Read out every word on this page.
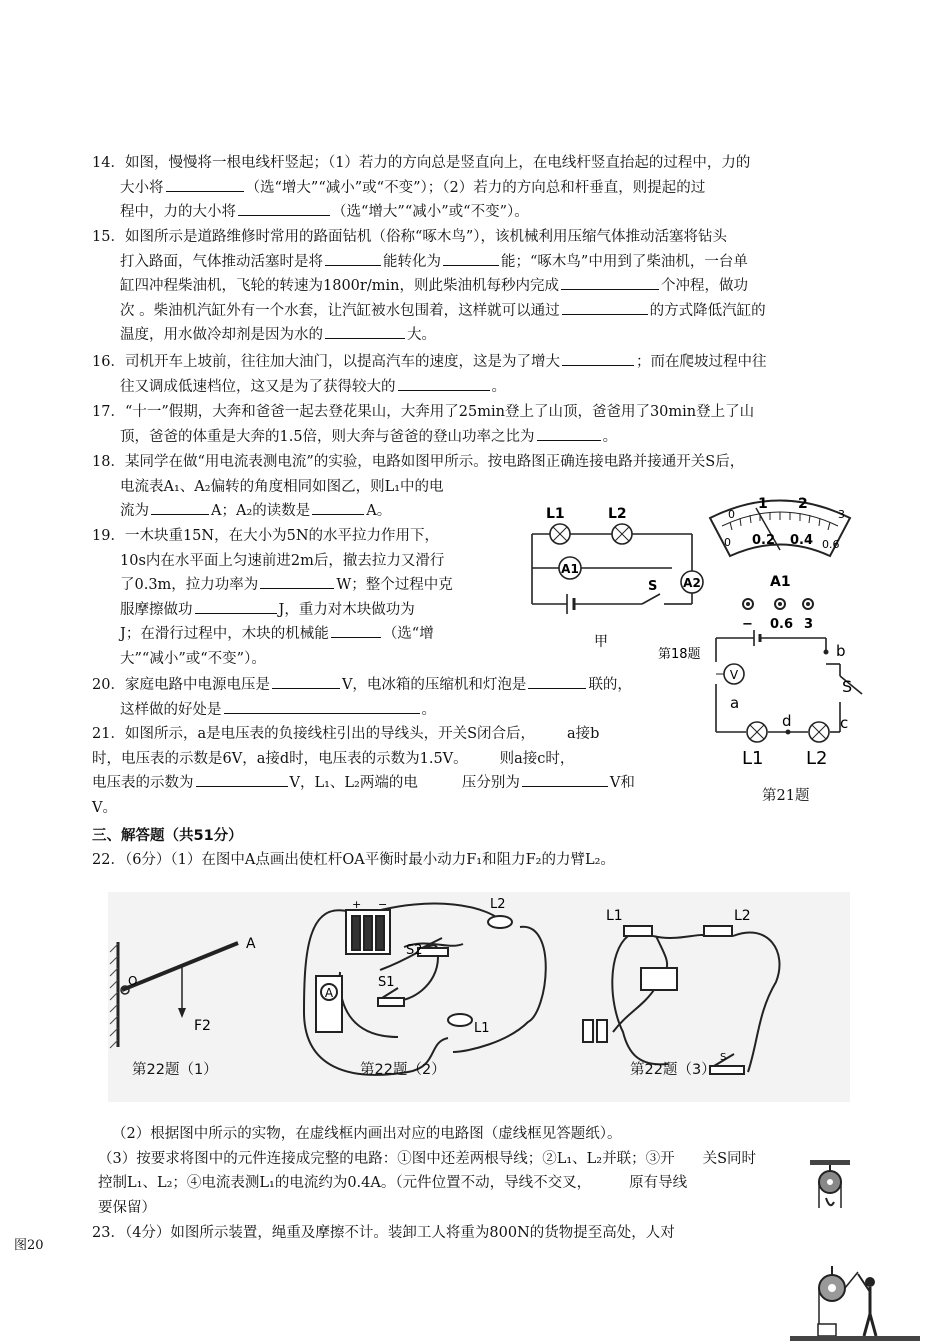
14．如图，慢慢将一根电线杆竖起；（1）若力的方向总是竖直向上，在电线杆竖直抬起的过程中，力的

大小将	（选“增大”“减小”或“不变”）；（2）若力的方向总和杆垂直，则提起的过

程中，力的大小将	（选“增大”“减小”或“不变”）。

15．如图所示是道路维修时常用的路面钻机（俗称“啄木鸟”），该机械利用压缩气体推动活塞将钻头

打入路面，气体推动活塞时是将	能转化为	能；“啄木鸟”中用到了柴油机，一台单

缸四冲程柴油机，飞轮的转速为1800r/min，则此柴油机每秒内完成	个冲程，做功

次 。柴油机汽缸外有一个水套，让汽缸被水包围着，这样就可以通过	的方式降低汽缸的

温度，用水做冷却剂是因为水的	大。

16．司机开车上坡前，往往加大油门，以提高汽车的速度，这是为了增大	；而在爬坡过程中往

往又调成低速档位，这又是为了获得较大的	。

17．“十一”假期，大奔和爸爸一起去登花果山，大奔用了25min登上了山顶，爸爸用了30min登上了山

顶，爸爸的体重是大奔的1.5倍，则大奔与爸爸的登山功率之比为	。

18．某同学在做“用电流表测电流”的实验，电路如图甲所示。按电路图正确连接电路并接通开关S后，

电流表A₁、A₂偏转的角度相同如图乙，则L₁中的电

流为	A；A₂的读数是	A。

19．一木块重15N，在大小为5N的水平拉力作用下，

10s内在水平面上匀速前进2m后，撤去拉力又滑行

了0.3m，拉力功率为	W；整个过程中克

服摩擦做功	J，重力对木块做功为

J；在滑行过程中，木块的机械能	（选“增

大”“减小”或“不变”）。

20．家庭电路中电源电压是	V，电冰箱的压缩机和灯泡是	联的，

这样做的好处是	。

21．如图所示，a是电压表的负接线柱引出的导线头，开关S闭合后， a接b

时，电压表的示数是6V，a接d时，电压表的示数为1.5V。 则a接c时，

电压表的示数为	V，L₁、L₂两端的电	压分别为	V和

V。

三、解答题（共51分）

22．（6分）（1）在图中A点画出使杠杆OA平衡时最小动力F₁和阻力F₂的力臂L₂。

O
A
F2
A
+ −	L2
S2
S1
L1
L1	L2
S
第22题（1）	第22题（2）	第22题（3）

（2）根据图中所示的实物，在虚线框内画出对应的电路图（虚线框见答题纸）。

（3）按要求将图中的元件连接成完整的电路：①图中还差两根导线；②L₁、L₂并联；③开 关S同时

控制L₁、L₂；④电流表测L₁的电流约为0.4A。（元件位置不动，导线不交叉，	原有导线

要保留）

23．（4分）如图所示装置，绳重及摩擦不计。装卸工人将重为800N的货物提至高处，人对

图20
L1	L2
A1
A2
S
甲
0
1 2
3
0 0.2 0.4 0.6
A1
− 0.6 3
第18题
V
a
b
c
d
S
L1 L2
第21题
